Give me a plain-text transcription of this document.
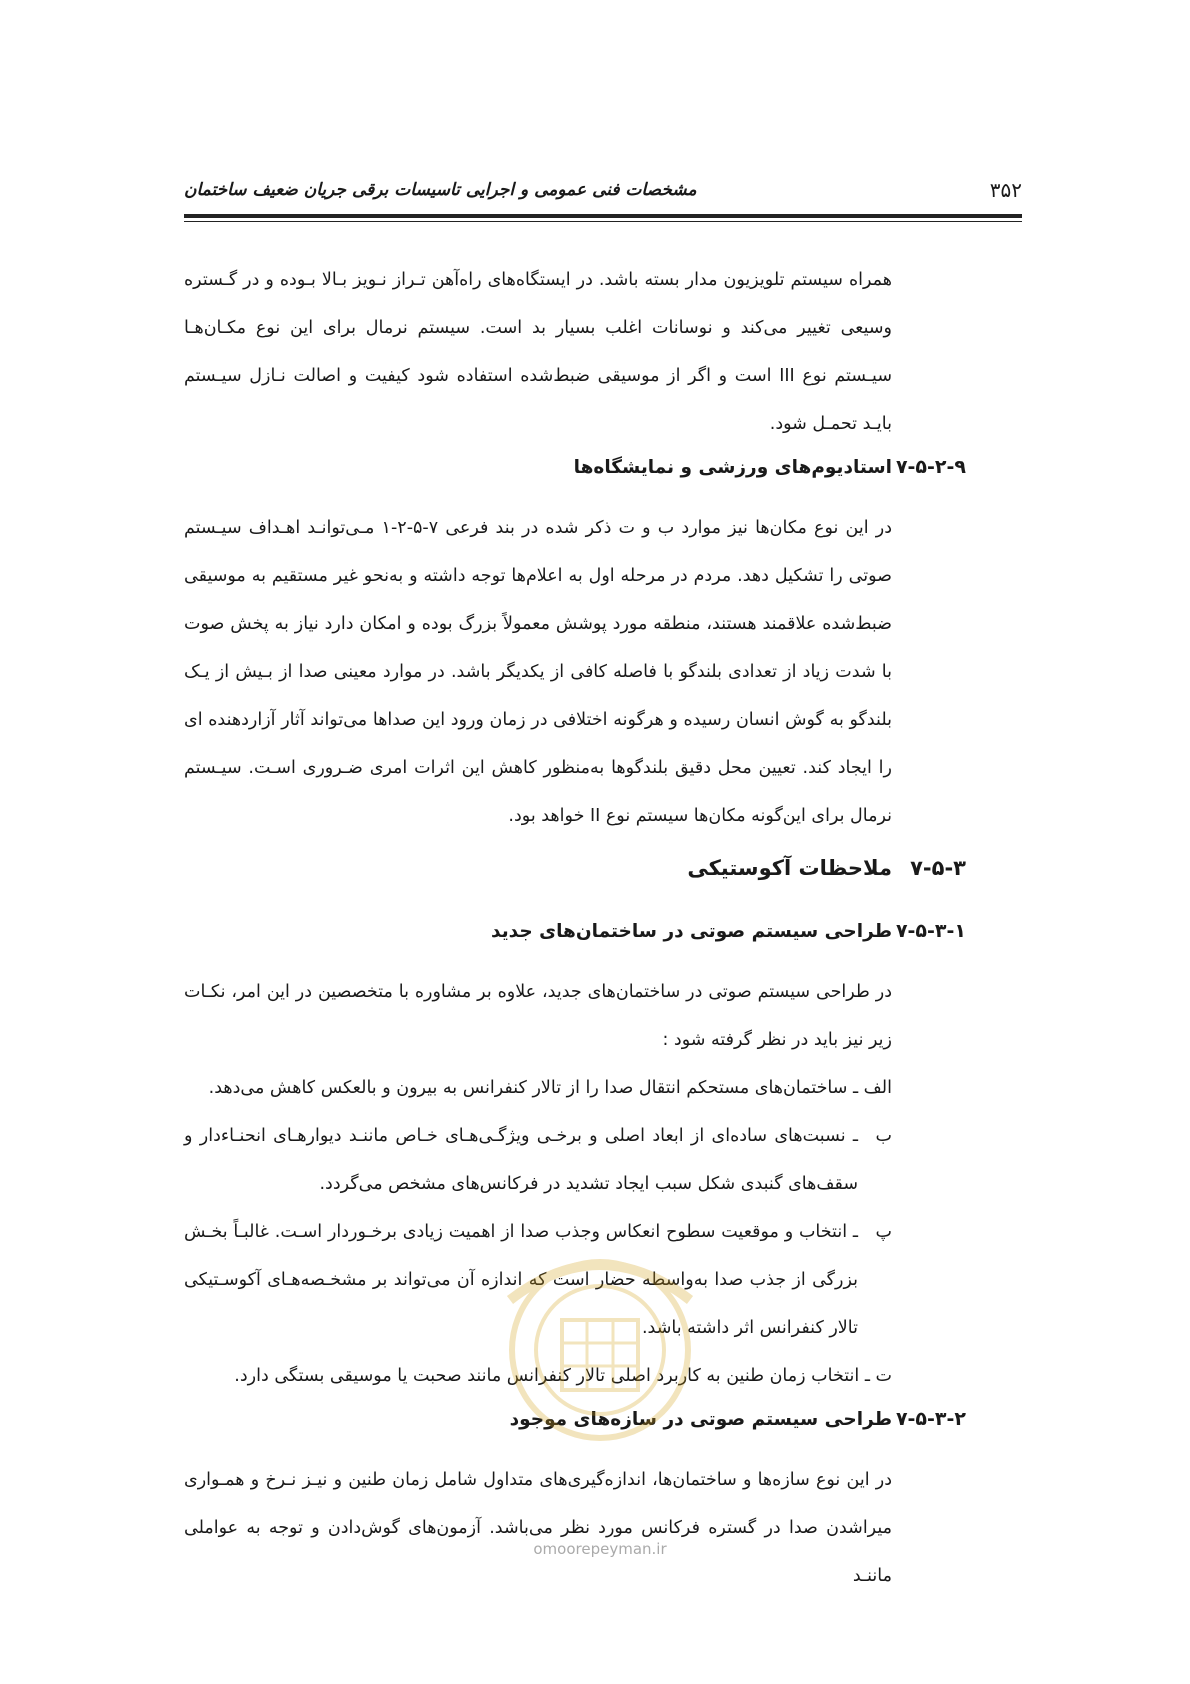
۳۵۲
مشخصات فنی عمومی و اجرایی تاسیسات برقی جریان ضعیف ساختمان

همراه سیستم تلویزیون مدار بسته باشد. در ایستگاه‌های راه‌آهن تـراز نـویز بـالا بـوده و در گـستره وسیعی تغییر می‌کند و نوسانات اغلب بسیار بد است. سیستم نرمال برای این نوع مکـان‌هـا سیـستم نوع III است و اگر از موسیقی ضبط‌شده استفاده شود کیفیت و اصالت نـازل سیـستم بایـد تحمـل شود.

۷-۵-۲-۹
استادیوم‌های ورزشی و نمایشگاه‌ها

در این نوع مکان‌ها نیز موارد ب و ت ذکر شده در بند فرعی ۷-۵-۲-۱ مـی‌توانـد اهـداف سیـستم صوتی را تشکیل دهد. مردم در مرحله اول به اعلام‌ها توجه داشته و به‌نحو غیر مستقیم به موسیقی ضبط‌شده علاقمند هستند، منطقه مورد پوشش معمولاً بزرگ بوده و امکان دارد نیاز به پخش صوت با شدت زیاد از تعدادی بلندگو با فاصله کافی از یکدیگر باشد. در موارد معینی صدا از بـیش از یـک بلندگو به گوش انسان رسیده و هرگونه اختلافی در زمان ورود این صداها می‌تواند آثار آزاردهنده ای را ایجاد کند. تعیین محل دقیق بلندگوها به‌منظور کاهش این اثرات امری ضـروری اسـت. سیـستم نرمال برای این‌گونه مکان‌ها سیستم نوع II خواهد بود.

۷-۵-۳
ملاحظات آکوستیکی
۷-۵-۳-۱
طراحی سیستم صوتی در ساختمان‌های جدید

در طراحی سیستم صوتی در ساختمان‌های جدید، علاوه بر مشاوره با متخصصین در این امر، نکـات زیر نیز باید در نظر گرفته شود :

الف ـ ساختمان‌های مستحکم انتقال صدا را از تالار کنفرانس به بیرون و بالعکس کاهش می‌دهد.

ب
ـ نسبت‌های ساده‌ای از ابعاد اصلی و برخـی ویژگـی‌هـای خـاص ماننـد دیوارهـای انحنـاءدار و سقف‌های گنبدی شکل سبب ایجاد تشدید در فرکانس‌های مشخص می‌گردد.
پ
ـ انتخاب و موقعیت سطوح انعکاس وجذب صدا از اهمیت زیادی برخـوردار اسـت. غالبـاً بخـش بزرگی از جذب صدا به‌واسطه حضار است که اندازه آن می‌تواند بر مشخـصه‌هـای آکوسـتیکی تالار کنفرانس اثر داشته باشد.

ت ـ انتخاب زمان طنین به کاربرد اصلی تالار کنفرانس مانند صحبت یا موسیقی بستگی دارد.

۷-۵-۳-۲
طراحی سیستم صوتی در سازه‌های موجود

در این نوع سازه‌ها و ساختمان‌ها، اندازه‌گیری‌های متداول شامل زمان طنین و نیـز نـرخ و همـواری میراشدن صدا در گستره فرکانس مورد نظر می‌باشد. آزمون‌های گوش‌دادن و توجه به عواملی ماننـد

omoorepeyman.ir
